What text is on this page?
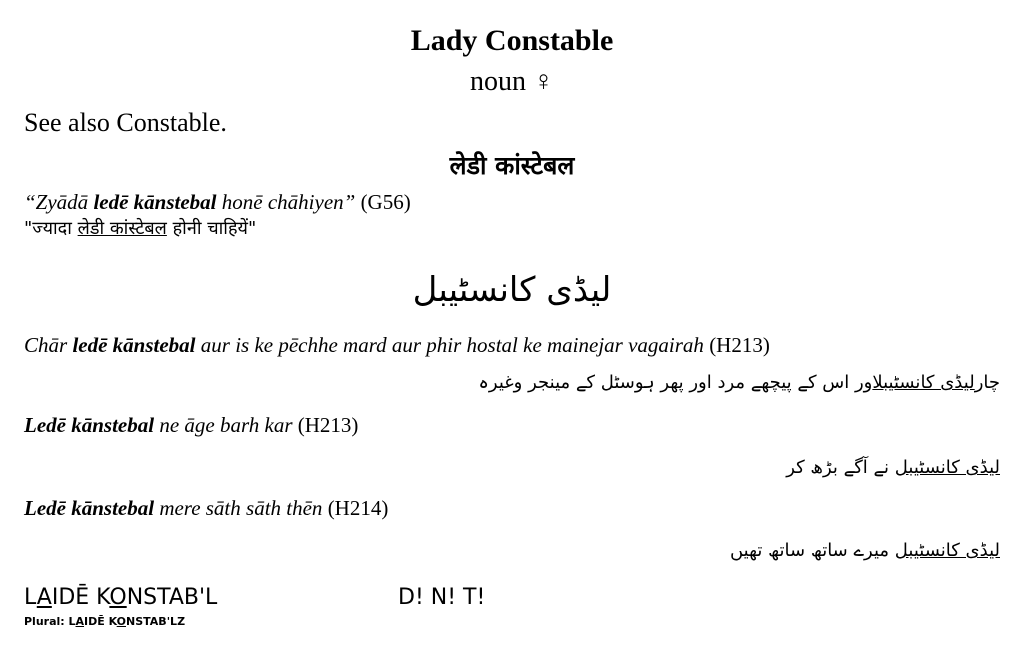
Lady Constable
noun ♀
See also Constable.
लेडी कांस्टेबल
“Zyādā ledē kānstebal honē chāhiyen” (G56)
"ज्यादा लेडी कांस्टेबल होनी चाहियें"
لیڈی کانسٹیبل
Chār ledē kānstebal aur is ke pēchhe mard aur phir hostal ke mainejar vagairah (H213)
چارلیڈی کانسٹیبلاور اس کے پیچھے مرد اور پھر ہوسٹل کے مینجر وغیرہ
Ledē kānstebal ne āge barh kar (H213)
لیڈی کانسٹیبل نے آگے بڑھ کر
Ledē kānstebal mere sāth sāth thēn (H214)
لیڈی کانسٹیبل میرے ساتھ ساتھ تھیں
LAIDĒ KONSTAB'L	D! N! T!
Plural: LAIDĒ KONSTAB'LZ
